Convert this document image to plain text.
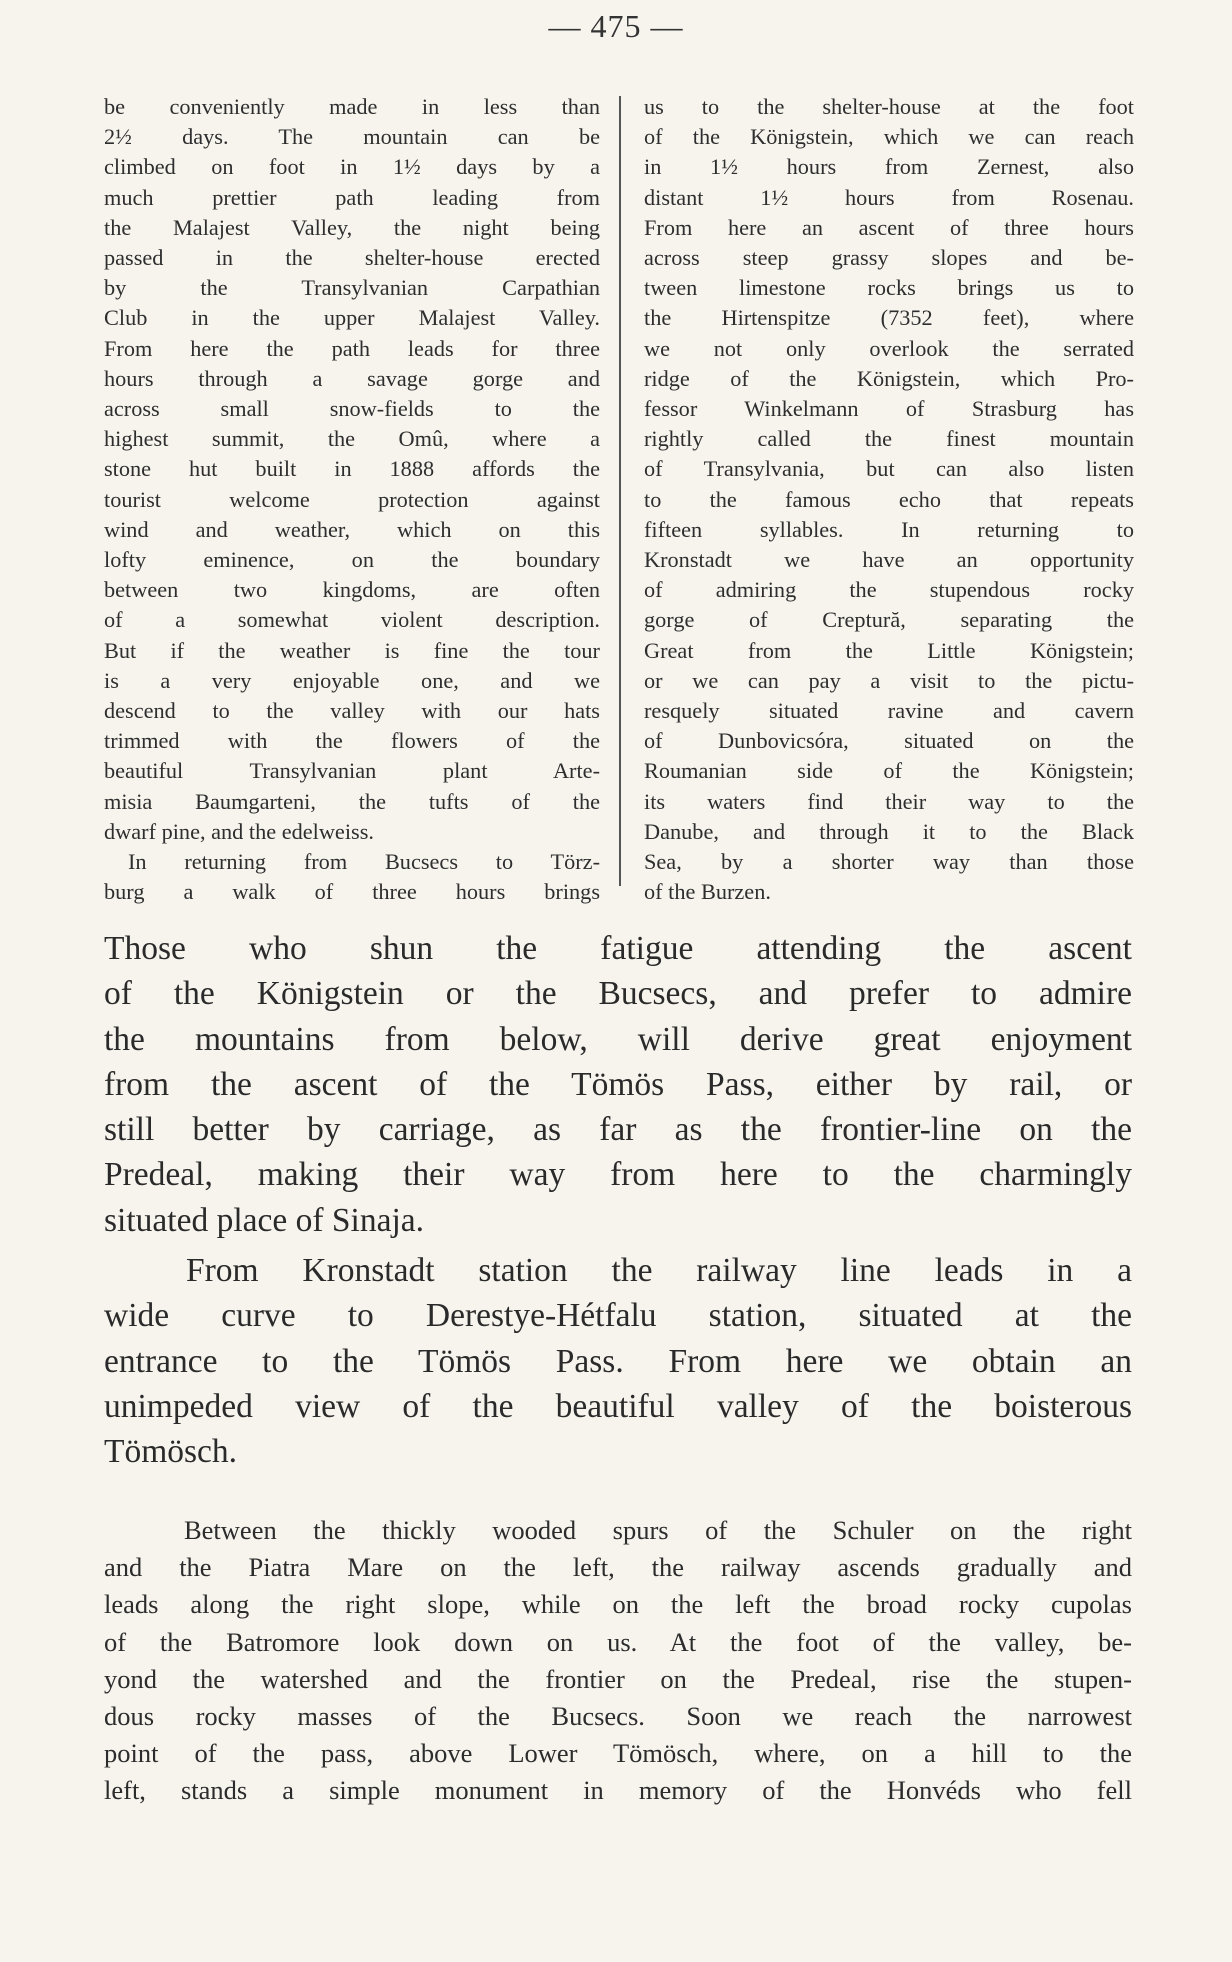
— 475 —
be conveniently made in less than
2½ days. The mountain can be
climbed on foot in 1½ days by a
much prettier path leading from
the Malajest Valley, the night being
passed in the shelter-house erected
by the Transylvanian Carpathian
Club in the upper Malajest Valley.
From here the path leads for three
hours through a savage gorge and
across small snow-fields to the
highest summit, the Omû, where a
stone hut built in 1888 affords the
tourist welcome protection against
wind and weather, which on this
lofty eminence, on the boundary
between two kingdoms, are often
of a somewhat violent description.
But if the weather is fine the tour
is a very enjoyable one, and we
descend to the valley with our hats
trimmed with the flowers of the
beautiful Transylvanian plant Arte-
misia Baumgarteni, the tufts of the
dwarf pine, and the edelweiss.
In returning from Bucsecs to Törz-
burg a walk of three hours brings
us to the shelter-house at the foot
of the Königstein, which we can reach
in 1½ hours from Zernest, also
distant 1½ hours from Rosenau.
From here an ascent of three hours
across steep grassy slopes and be-
tween limestone rocks brings us to
the Hirtenspitze (7352 feet), where
we not only overlook the serrated
ridge of the Königstein, which Pro-
fessor Winkelmann of Strasburg has
rightly called the finest mountain
of Transylvania, but can also listen
to the famous echo that repeats
fifteen syllables. In returning to
Kronstadt we have an opportunity
of admiring the stupendous rocky
gorge of Creptură, separating the
Great from the Little Königstein;
or we can pay a visit to the pictu-
resquely situated ravine and cavern
of Dunbovicsóra, situated on the
Roumanian side of the Königstein;
its waters find their way to the
Danube, and through it to the Black
Sea, by a shorter way than those
of the Burzen.
Those who shun the fatigue attending the ascent
of the Königstein or the Bucsecs, and prefer to admire
the mountains from below, will derive great enjoyment
from the ascent of the Tömös Pass, either by rail, or
still better by carriage, as far as the frontier-line on the
Predeal, making their way from here to the charmingly
situated place of Sinaja.
From Kronstadt station the railway line leads in a
wide curve to Derestye-Hétfalu station, situated at the
entrance to the Tömös Pass. From here we obtain an
unimpeded view of the beautiful valley of the boisterous
Tömösch.
Between the thickly wooded spurs of the Schuler on the right
and the Piatra Mare on the left, the railway ascends gradually and
leads along the right slope, while on the left the broad rocky cupolas
of the Batromore look down on us. At the foot of the valley, be-
yond the watershed and the frontier on the Predeal, rise the stupen-
dous rocky masses of the Bucsecs. Soon we reach the narrowest
point of the pass, above Lower Tömösch, where, on a hill to the
left, stands a simple monument in memory of the Honvéds who fell
